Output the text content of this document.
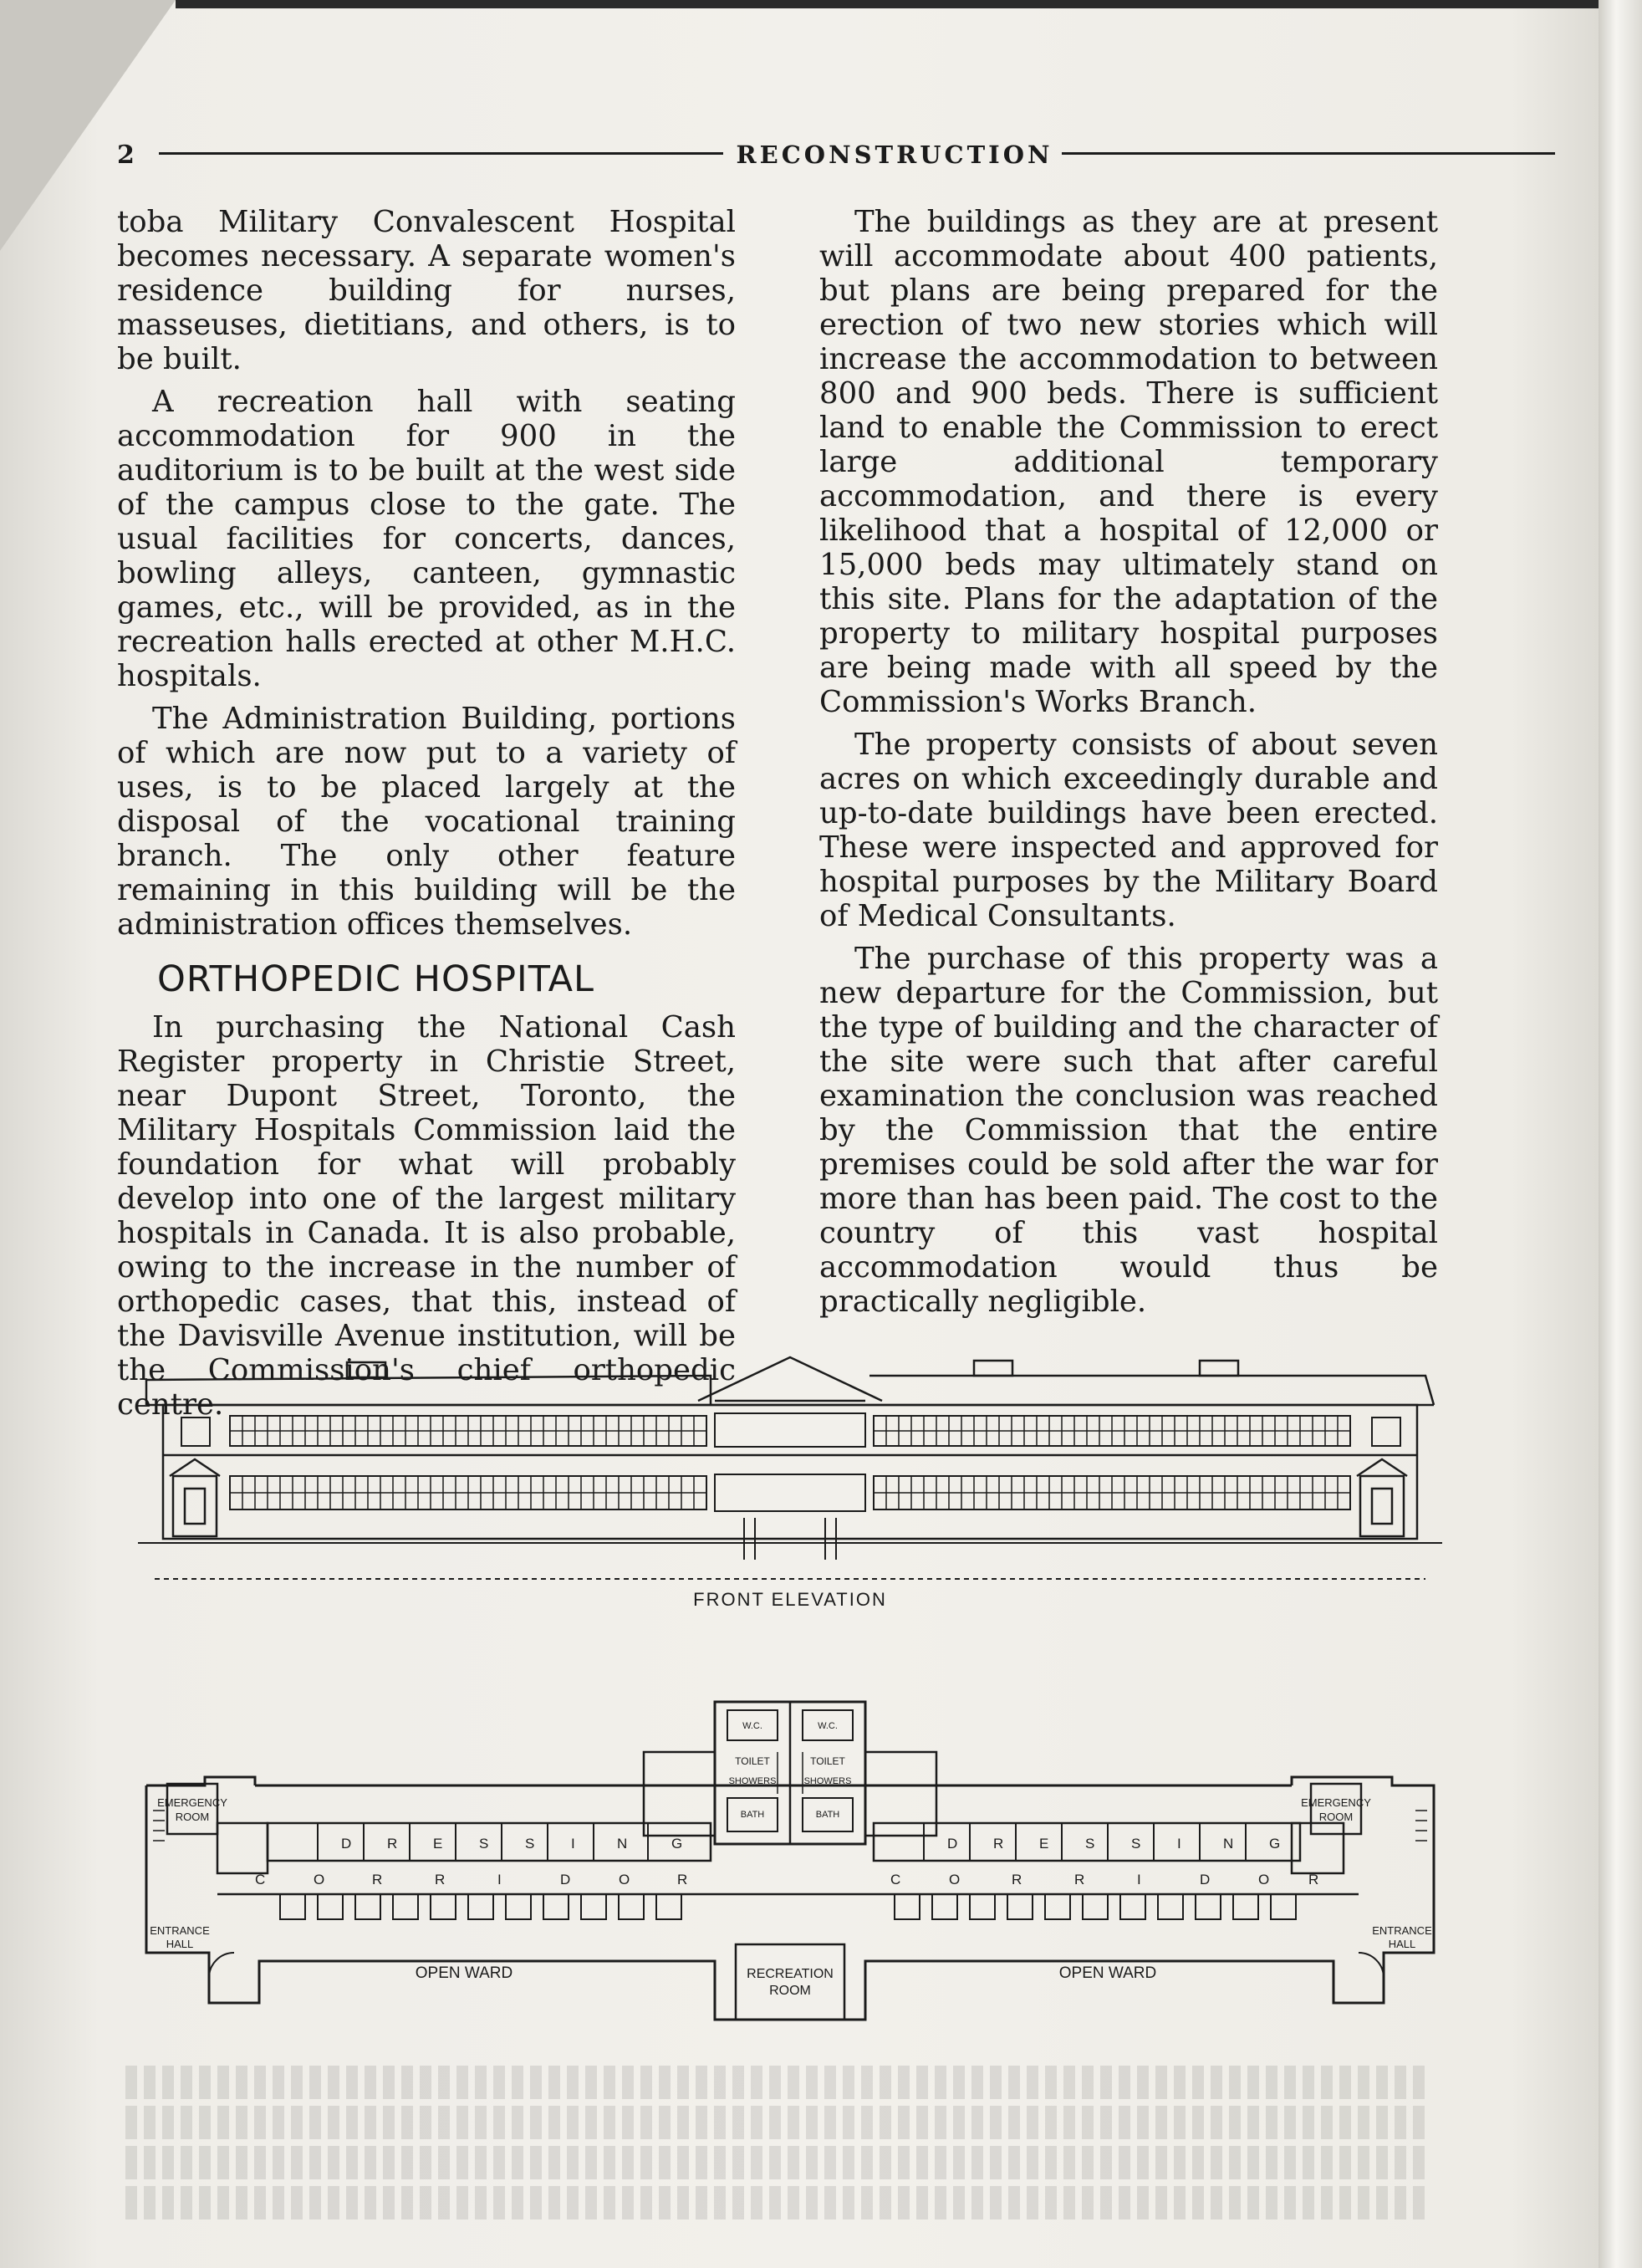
2	RECONSTRUCTION

toba Military Convalescent Hospital becomes necessary. A separate women's residence building for nurses, masseuses, dietitians, and others, is to be built.

A recreation hall with seating accommodation for 900 in the auditorium is to be built at the west side of the campus close to the gate. The usual facilities for concerts, dances, bowling alleys, canteen, gymnastic games, etc., will be provided, as in the recreation halls erected at other M.H.C. hospitals.

The Administration Building, portions of which are now put to a variety of uses, is to be placed largely at the disposal of the vocational training branch. The only other feature remaining in this building will be the administration offices themselves.

ORTHOPEDIC HOSPITAL

In purchasing the National Cash Register property in Christie Street, near Dupont Street, Toronto, the Military Hospitals Commission laid the foundation for what will probably develop into one of the largest military hospitals in Canada. It is also probable, owing to the increase in the number of orthopedic cases, that this, instead of the Davisville Avenue institution, will be the Commission's chief orthopedic centre.

The buildings as they are at present will accommodate about 400 patients, but plans are being prepared for the erection of two new stories which will increase the accommodation to between 800 and 900 beds. There is sufficient land to enable the Commission to erect large additional temporary accommodation, and there is every likelihood that a hospital of 12,000 or 15,000 beds may ultimately stand on this site. Plans for the adaptation of the property to military hospital purposes are being made with all speed by the Commission's Works Branch.

The property consists of about seven acres on which exceedingly durable and up-to-date buildings have been erected. These were inspected and approved for hospital purposes by the Military Board of Medical Consultants.

The purchase of this property was a new departure for the Commission, but the type of building and the character of the site were such that after careful examination the conclusion was reached by the Commission that the entire premises could be sold after the war for more than has been paid. The cost to the country of this vast hospital accommodation would thus be practically negligible.

FRONT ELEVATION
EMERGENCY
ROOM
EMERGENCY
ROOM
ENTRANCE
HALL
ENTRANCE
HALL
D	R	E	S	S	I	N	G	D	R	E	S	S	I	N	G
C	O	R	R	I	D	O	R	C	O	R	R	I	D	O	R
OPEN WARD	OPEN WARD
RECREATION
ROOM
TOILET	TOILET
SHOWERS	SHOWERS
BATH	BATH
W.C.	W.C.
